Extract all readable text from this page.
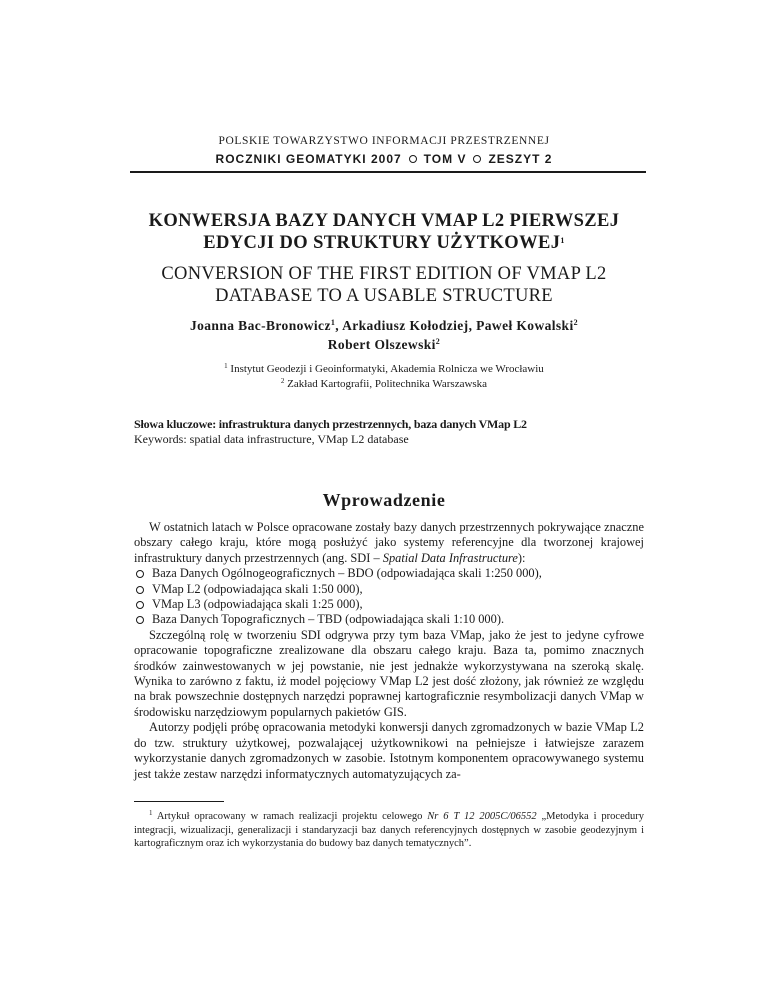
POLSKIE TOWARZYSTWO INFORMACJI PRZESTRZENNEJ
ROCZNIKI GEOMATYKI 2007 TOM V ZESZYT 2
KONWERSJA BAZY DANYCH VMAP L2 PIERWSZEJ
EDYCJI DO STRUKTURY UŻYTKOWEJ$^1$
CONVERSION OF THE FIRST EDITION OF VMAP L2
DATABASE TO A USABLE STRUCTURE
Joanna Bac-Bronowicz$^1$, Arkadiusz Kołodziej, Paweł Kowalski$^2$
Robert Olszewski$^2$
$^1$ Instytut Geodezji i Geoinformatyki, Akademia Rolnicza we Wrocławiu
$^2$ Zakład Kartografii, Politechnika Warszawska
Słowa kluczowe: infrastruktura danych przestrzennych, baza danych VMap L2
Keywords: spatial data infrastructure, VMap L2 database
Wprowadzenie

W ostatnich latach w Polsce opracowane zostały bazy danych przestrzennych pokrywające znaczne obszary całego kraju, które mogą posłużyć jako systemy referencyjne dla tworzonej krajowej infrastruktury danych przestrzennych (ang. SDI – Spatial Data Infrastructure):

Baza Danych Ogólnogeograficznych – BDO (odpowiadająca skali 1:250 000),
VMap L2 (odpowiadająca skali 1:50 000),
VMap L3 (odpowiadająca skali 1:25 000),
Baza Danych Topograficznych – TBD (odpowiadająca skali 1:10 000).

Szczególną rolę w tworzeniu SDI odgrywa przy tym baza VMap, jako że jest to jedyne cyfrowe opracowanie topograficzne zrealizowane dla obszaru całego kraju. Baza ta, pomimo znacznych środków zainwestowanych w jej powstanie, nie jest jednakże wykorzystywana na szeroką skalę. Wynika to zarówno z faktu, iż model pojęciowy VMap L2 jest dość złożony, jak również ze względu na brak powszechnie dostępnych narzędzi poprawnej kartograficznie resymbolizacji danych VMap w środowisku narzędziowym popularnych pakietów GIS.

Autorzy podjęli próbę opracowania metodyki konwersji danych zgromadzonych w bazie VMap L2 do tzw. struktury użytkowej, pozwalającej użytkownikowi na pełniejsze i łatwiejsze zarazem wykorzystanie danych zgromadzonych w zasobie. Istotnym komponentem opracowywanego systemu jest także zestaw narzędzi informatycznych automatyzujących za-

$^1$ Artykuł opracowany w ramach realizacji projektu celowego Nr 6 T 12 2005C/06552 „Metodyka i procedury integracji, wizualizacji, generalizacji i standaryzacji baz danych referencyjnych dostępnych w zasobie geodezyjnym i kartograficznym oraz ich wykorzystania do budowy baz danych tematycznych”.
